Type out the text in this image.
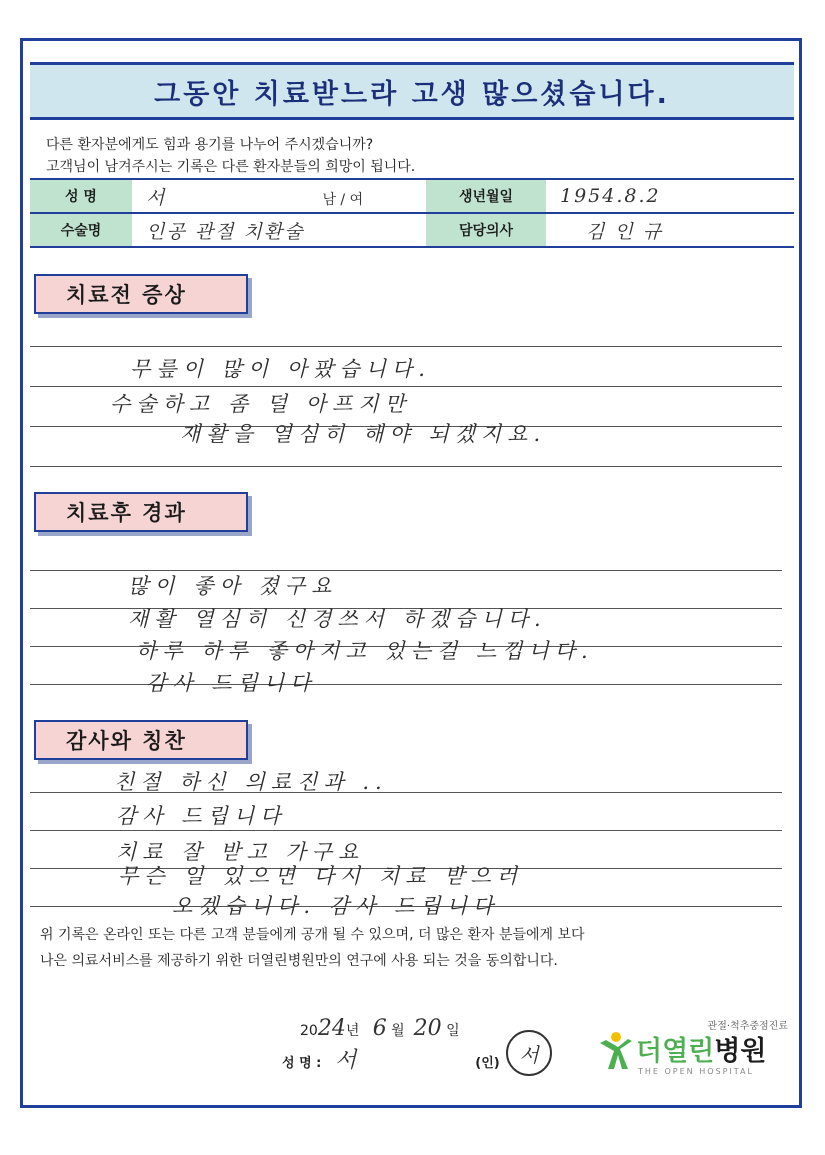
그동안 치료받느라 고생 많으셨습니다.
다른 환자분에게도 힘과 용기를 나누어 주시겠습니까?
고객님이 남겨주시는 기록은 다른 환자분들의 희망이 됩니다.
성 명	서 남 / 여	생년월일	1954.8.2
수술명	인공 관절 치환술	담당의사	김 인 규
치료전 증상
무릎이 많이 아팠습니다.
수술하고 좀 덜 아프지만
재활을 열심히 해야 되겠지요.
치료후 경과
많이 좋아 졌구요
재활 열심히 신경쓰서 하겠습니다.
하루 하루 좋아지고 있는걸 느낍니다.
감사 드립니다
감사와 칭찬
친절 하신 의료진과 ..
감사 드립니다
치료 잘 받고 가구요
무슨 일 있으면 다시 치료 받으러
오겠습니다. 감사 드립니다
위 기록은 온라인 또는 다른 고객 분들에게 공개 될 수 있으며, 더 많은 환자 분들에게 보다
나은 의료서비스를 제공하기 위한 더열린병원만의 연구에 사용 되는 것을 동의합니다.
2024년 6 월 20 일
성 명 : 서	(인) 서
관절·척추중점진료
더열린병원
THE OPEN HOSPITAL
